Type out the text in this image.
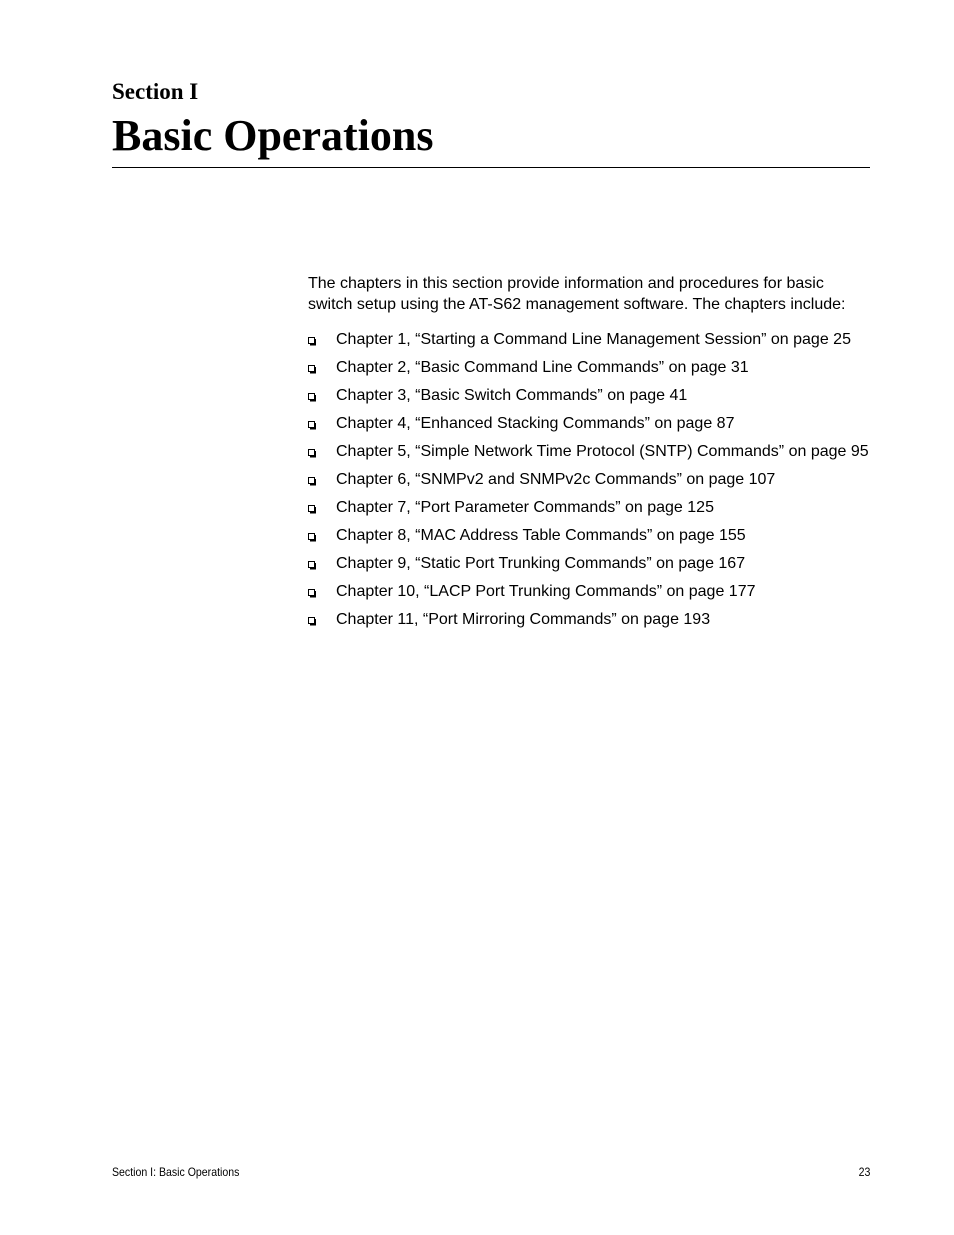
Section I
Basic Operations

The chapters in this section provide information and procedures for basic switch setup using the AT-S62 management software. The chapters include:

Chapter 1, “Starting a Command Line Management Session” on page 25
Chapter 2, “Basic Command Line Commands” on page 31
Chapter 3, “Basic Switch Commands” on page 41
Chapter 4, “Enhanced Stacking Commands” on page 87
Chapter 5, “Simple Network Time Protocol (SNTP) Commands” on page 95
Chapter 6, “SNMPv2 and SNMPv2c Commands” on page 107
Chapter 7, “Port Parameter Commands” on page 125
Chapter 8, “MAC Address Table Commands” on page 155
Chapter 9, “Static Port Trunking Commands” on page 167
Chapter 10, “LACP Port Trunking Commands” on page 177
Chapter 11, “Port Mirroring Commands” on page 193
Section I: Basic Operations	23
